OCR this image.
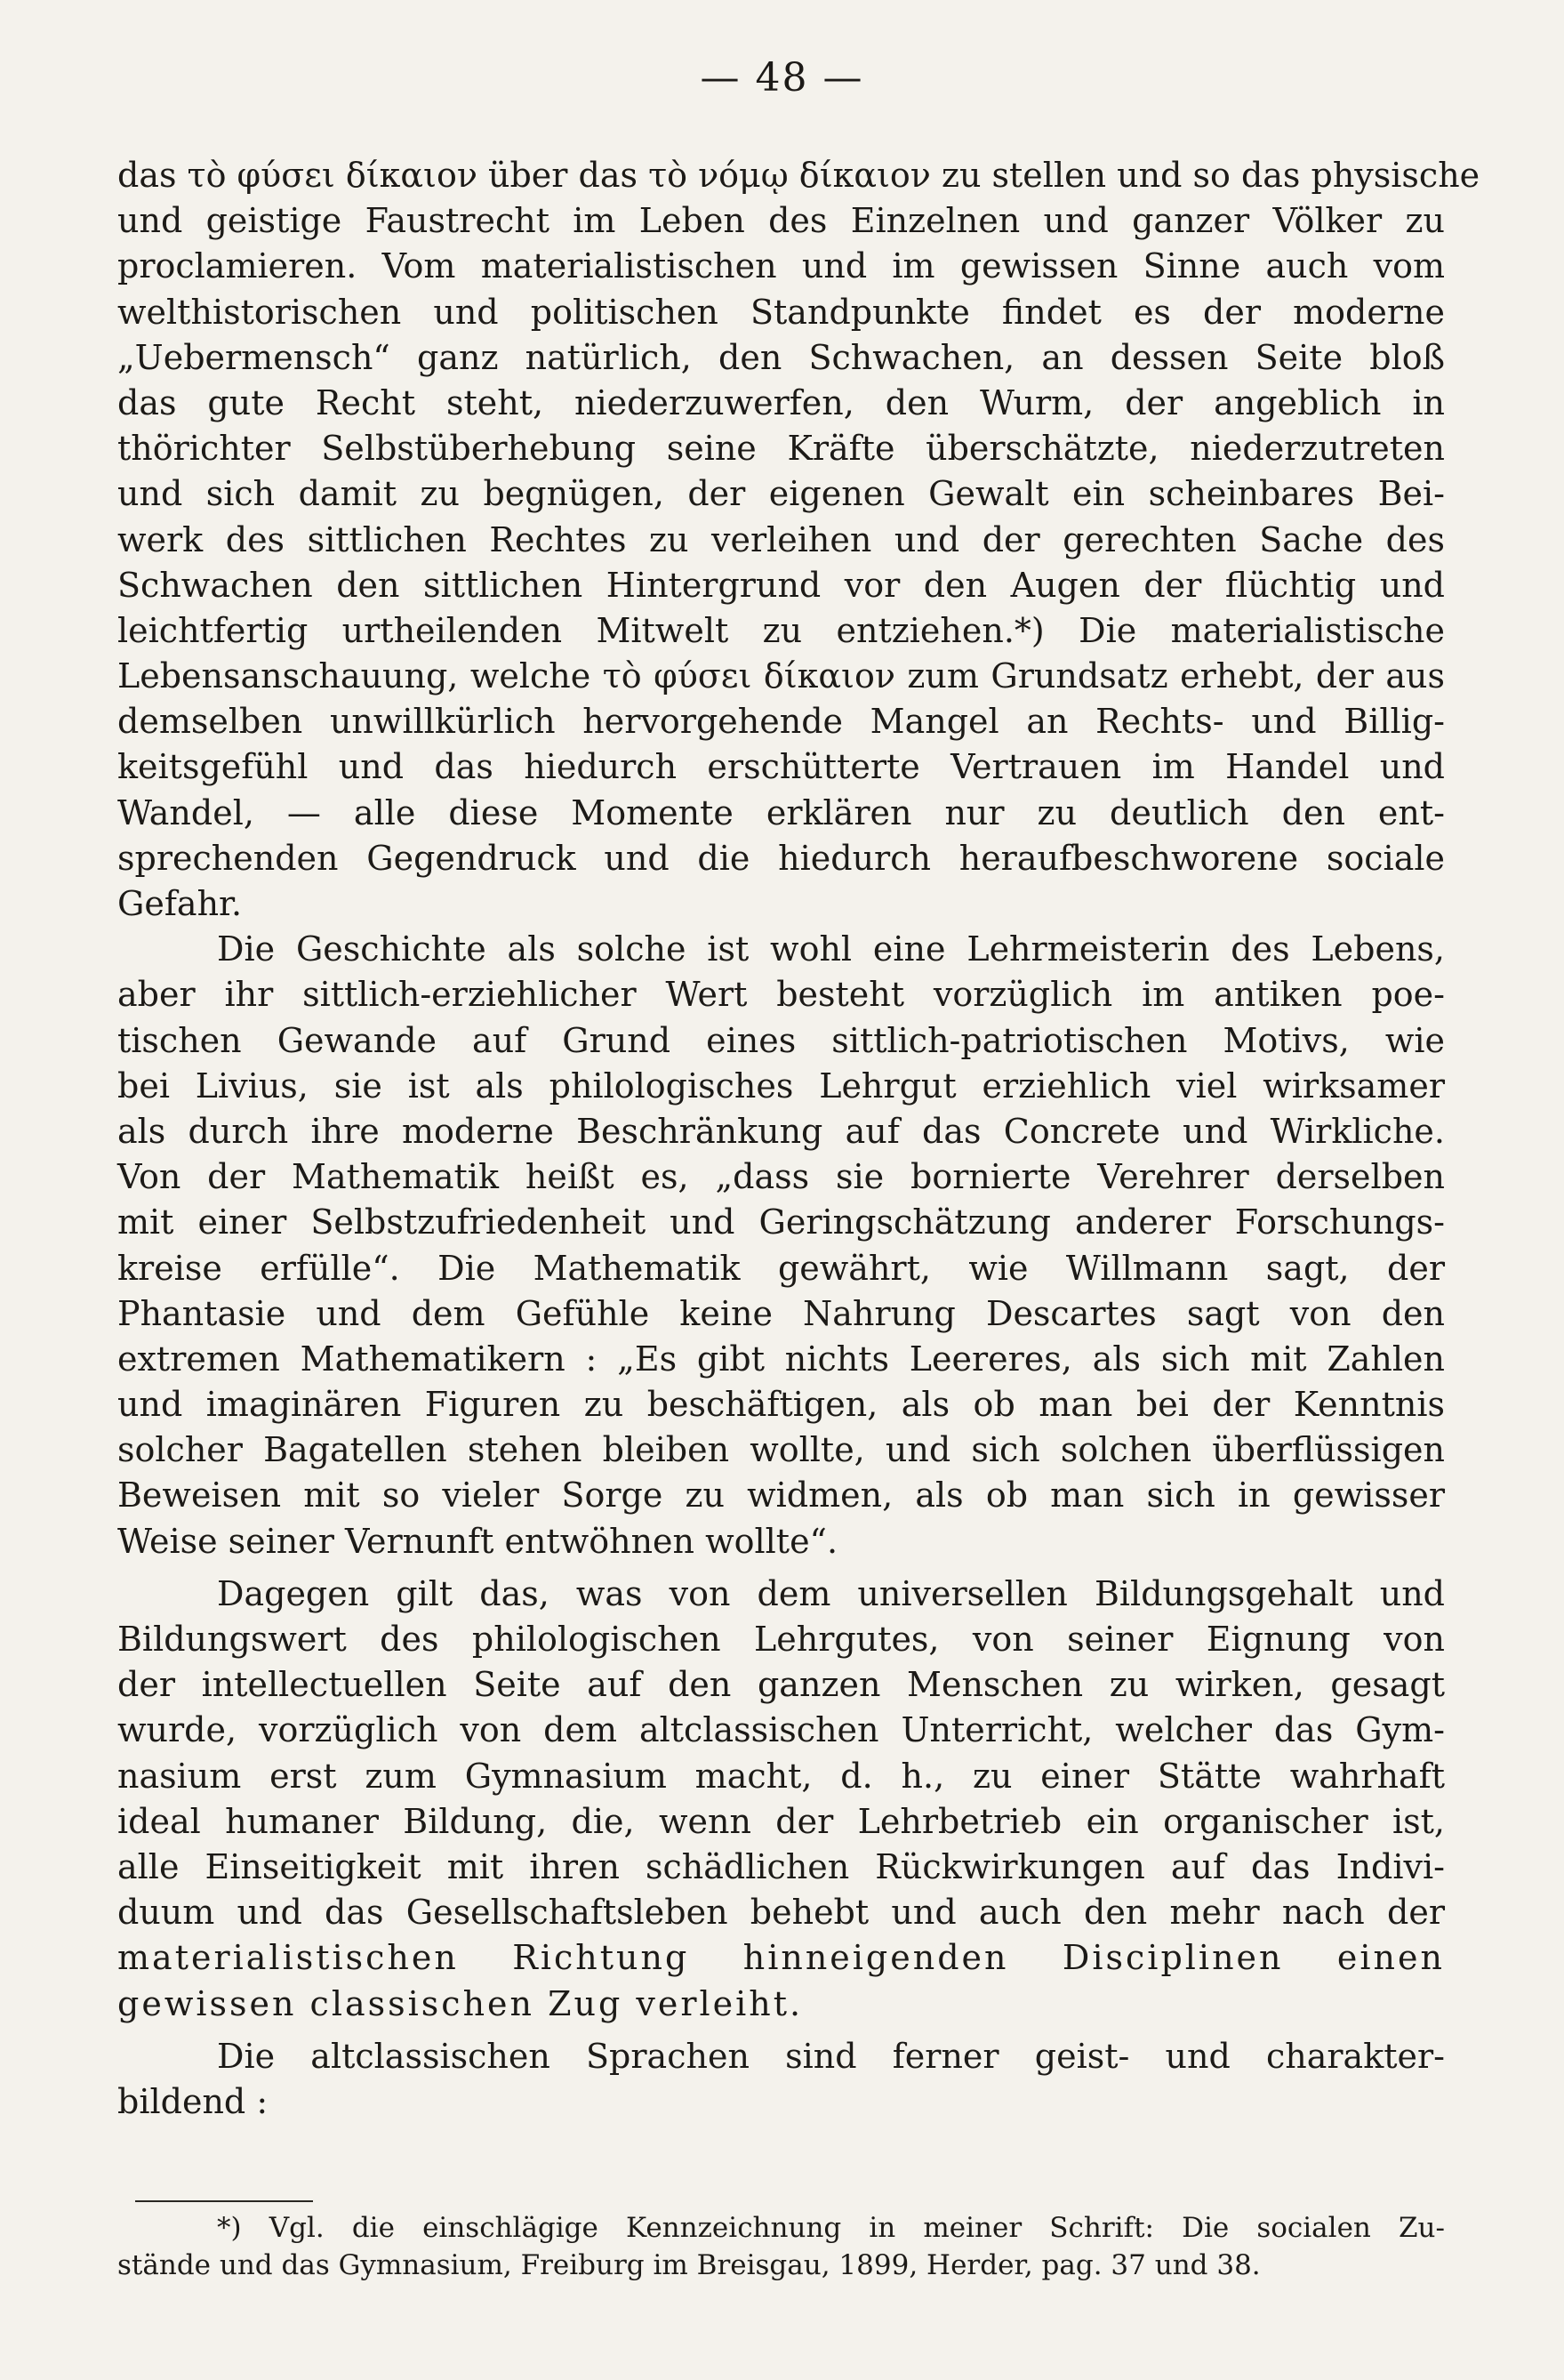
— 48 —
das τὸ φύσει δίκαιον über das τὸ νόμῳ δίκαιον zu stellen und so das physische
und geistige Faustrecht im Leben des Einzelnen und ganzer Völker zu
proclamieren. Vom materialistischen und im gewissen Sinne auch vom
welthistorischen und politischen Standpunkte findet es der moderne
„Uebermensch“ ganz natürlich, den Schwachen, an dessen Seite bloß
das gute Recht steht, niederzuwerfen, den Wurm, der angeblich in
thörichter Selbstüberhebung seine Kräfte überschätzte, niederzutreten
und sich damit zu begnügen, der eigenen Gewalt ein scheinbares Bei-
werk des sittlichen Rechtes zu verleihen und der gerechten Sache des
Schwachen den sittlichen Hintergrund vor den Augen der flüchtig und
leichtfertig urtheilenden Mitwelt zu entziehen.*) Die materialistische
Lebensanschauung, welche τὸ φύσει δίκαιον zum Grundsatz erhebt, der aus
demselben unwillkürlich hervorgehende Mangel an Rechts- und Billig-
keitsgefühl und das hiedurch erschütterte Vertrauen im Handel und
Wandel, — alle diese Momente erklären nur zu deutlich den ent-
sprechenden Gegendruck und die hiedurch heraufbeschworene sociale
Gefahr.
Die Geschichte als solche ist wohl eine Lehrmeisterin des Lebens,
aber ihr sittlich-erziehlicher Wert besteht vorzüglich im antiken poe-
tischen Gewande auf Grund eines sittlich-patriotischen Motivs, wie
bei Livius, sie ist als philologisches Lehrgut erziehlich viel wirksamer
als durch ihre moderne Beschränkung auf das Concrete und Wirkliche.
Von der Mathematik heißt es, „dass sie bornierte Verehrer derselben
mit einer Selbstzufriedenheit und Geringschätzung anderer Forschungs-
kreise erfülle“. Die Mathematik gewährt, wie Willmann sagt, der
Phantasie und dem Gefühle keine Nahrung Descartes sagt von den
extremen Mathematikern : „Es gibt nichts Leereres, als sich mit Zahlen
und imaginären Figuren zu beschäftigen, als ob man bei der Kenntnis
solcher Bagatellen stehen bleiben wollte, und sich solchen überflüssigen
Beweisen mit so vieler Sorge zu widmen, als ob man sich in gewisser
Weise seiner Vernunft entwöhnen wollte“.
Dagegen gilt das, was von dem universellen Bildungsgehalt und
Bildungswert des philologischen Lehrgutes, von seiner Eignung von
der intellectuellen Seite auf den ganzen Menschen zu wirken, gesagt
wurde, vorzüglich von dem altclassischen Unterricht, welcher das Gym-
nasium erst zum Gymnasium macht, d. h., zu einer Stätte wahrhaft
ideal humaner Bildung, die, wenn der Lehrbetrieb ein organischer ist,
alle Einseitigkeit mit ihren schädlichen Rückwirkungen auf das Indivi-
duum und das Gesellschaftsleben behebt und auch den mehr nach der
materialistischen Richtung hinneigenden Disciplinen einen
gewissen classischen Zug verleiht.
Die altclassischen Sprachen sind ferner geist- und charakter-
bildend :
*) Vgl. die einschlägige Kennzeichnung in meiner Schrift: Die socialen Zu-
stände und das Gymnasium, Freiburg im Breisgau, 1899, Herder, pag. 37 und 38.
